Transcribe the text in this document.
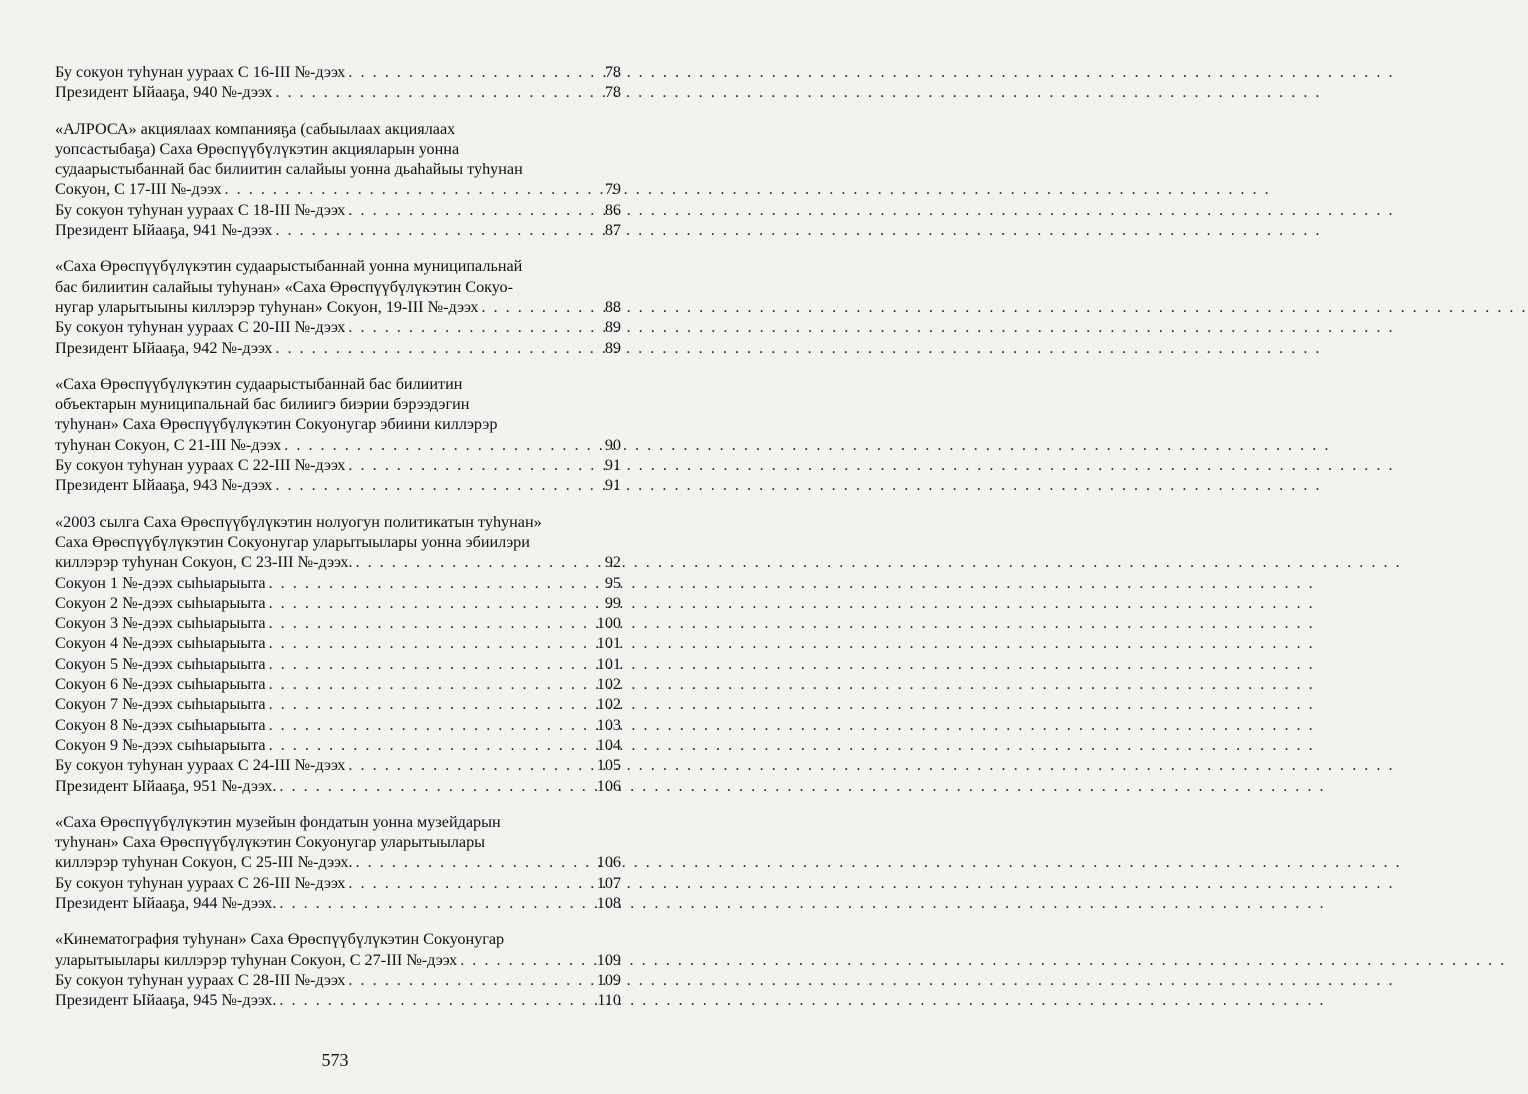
Бу сокуон туһунан уураах С 16-III №-дээх . . .	78
Президент Ыйааҕа, 940 №-дээх . . .	78
«АЛРОСА» акциялаах компанияҕа (сабыылаах акциялаах
уопсастыбаҕа) Саха Өрөспүүбүлүкэтин акцияларын уонна
судаарыстыбаннай бас билиитин салайыы уонна дьаһайыы туһунан
Сокуон, С 17-III №-дээх . . .	79
Бу сокуон туһунан уураах С 18-III №-дээх . . .	86
Президент Ыйааҕа, 941 №-дээх . . .	87
«Саха Өрөспүүбүлүкэтин судаарыстыбаннай уонна муниципальнай
бас билиитин салайыы туһунан» «Саха Өрөспүүбүлүкэтин Сокуо-
нугар уларытыыны киллэрэр туһунан» Сокуон, 19-III №-дээх . . .	88
Бу сокуон туһунан уураах С 20-III №-дээх . . .	89
Президент Ыйааҕа, 942 №-дээх . . .	89
«Саха Өрөспүүбүлүкэтин судаарыстыбаннай бас билиитин
объектарын муниципальнай бас билиигэ биэрии бэрээдэгин
туһунан» Саха Өрөспүүбүлүкэтин Сокуонугар эбиини киллэрэр
туһунан Сокуон, С 21-III №-дээх . . .	90
Бу сокуон туһунан уураах С 22-III №-дээх . . .	91
Президент Ыйааҕа, 943 №-дээх . . .	91
«2003 сылга Саха Өрөспүүбүлүкэтин нолуогун политикатын туһунан»
Саха Өрөспүүбүлүкэтин Сокуонугар уларытыылары уонна эбиилэри
киллэрэр туһунан Сокуон, С 23-III №-дээх. . . .	92
Сокуон 1 №-дээх сыһыарыыта . . .	95
Сокуон 2 №-дээх сыһыарыыта . . .	99
Сокуон 3 №-дээх сыһыарыыта . . .	100
Сокуон 4 №-дээх сыһыарыыта . . .	101
Сокуон 5 №-дээх сыһыарыыта . . .	101
Сокуон 6 №-дээх сыһыарыыта . . .	102
Сокуон 7 №-дээх сыһыарыыта . . .	102
Сокуон 8 №-дээх сыһыарыыта . . .	103
Сокуон 9 №-дээх сыһыарыыта . . .	104
Бу сокуон туһунан уураах С 24-III №-дээх . . .	105
Президент Ыйааҕа, 951 №-дээх. . . .	106
«Саха Өрөспүүбүлүкэтин музейын фондатын уонна музейдарын
туһунан» Саха Өрөспүүбүлүкэтин Сокуонугар уларытыылары
киллэрэр туһунан Сокуон, С 25-III №-дээх. . . .	106
Бу сокуон туһунан уураах С 26-III №-дээх . . .	107
Президент Ыйааҕа, 944 №-дээх. . . .	108
«Кинематография туһунан» Саха Өрөспүүбүлүкэтин Сокуонугар
уларытыылары киллэрэр туһунан Сокуон, С 27-III №-дээх . . .	109
Бу сокуон туһунан уураах С 28-III №-дээх . . .	109
Президент Ыйааҕа, 945 №-дээх. . . .	110
573
